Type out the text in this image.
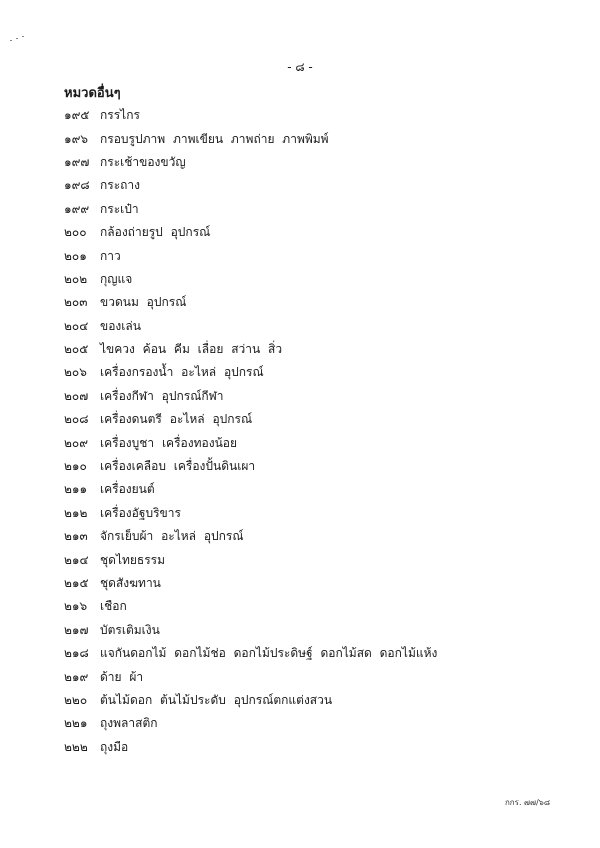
- ๘ -
หมวดอื่นๆ
๑๙๕ กรรไกร
๑๙๖ กรอบรูปภาพ ภาพเขียน ภาพถ่าย ภาพพิมพ์
๑๙๗ กระเช้าของขวัญ
๑๙๘ กระถาง
๑๙๙ กระเป๋า
๒๐๐	กล้องถ่ายรูป อุปกรณ์
๒๐๑	กาว
๒๐๒	กุญแจ
๒๐๓	ขวดนม อุปกรณ์
๒๐๔ ของเล่น
๒๐๕ ไขควง ค้อน คีม เลื่อย สว่าน สิ่ว
๒๐๖	เครื่องกรองน้ำ อะไหล่ อุปกรณ์
๒๐๗ เครื่องกีฬา อุปกรณ์กีฬา
๒๐๘ เครื่องดนตรี อะไหล่ อุปกรณ์
๒๐๙ เครื่องบูชา เครื่องทองน้อย
๒๑๐	เครื่องเคลือบ เครื่องปั้นดินเผา
๒๑๑	เครื่องยนต์
๒๑๒	เครื่องอัฐบริขาร
๒๑๓	จักรเย็บผ้า อะไหล่ อุปกรณ์
๒๑๔ ชุดไทยธรรม
๒๑๕ ชุดสังฆทาน
๒๑๖	เชือก
๒๑๗ บัตรเติมเงิน
๒๑๘ แจกันดอกไม้ ดอกไม้ช่อ ดอกไม้ประดิษฐ์ ดอกไม้สด ดอกไม้แห้ง
๒๑๙ ด้าย ผ้า
๒๒๐	ต้นไม้ดอก ต้นไม้ประดับ อุปกรณ์ตกแต่งสวน
๒๒๑	ถุงพลาสติก
๒๒๒	ถุงมือ
กกร. ๗๗/๖๘
